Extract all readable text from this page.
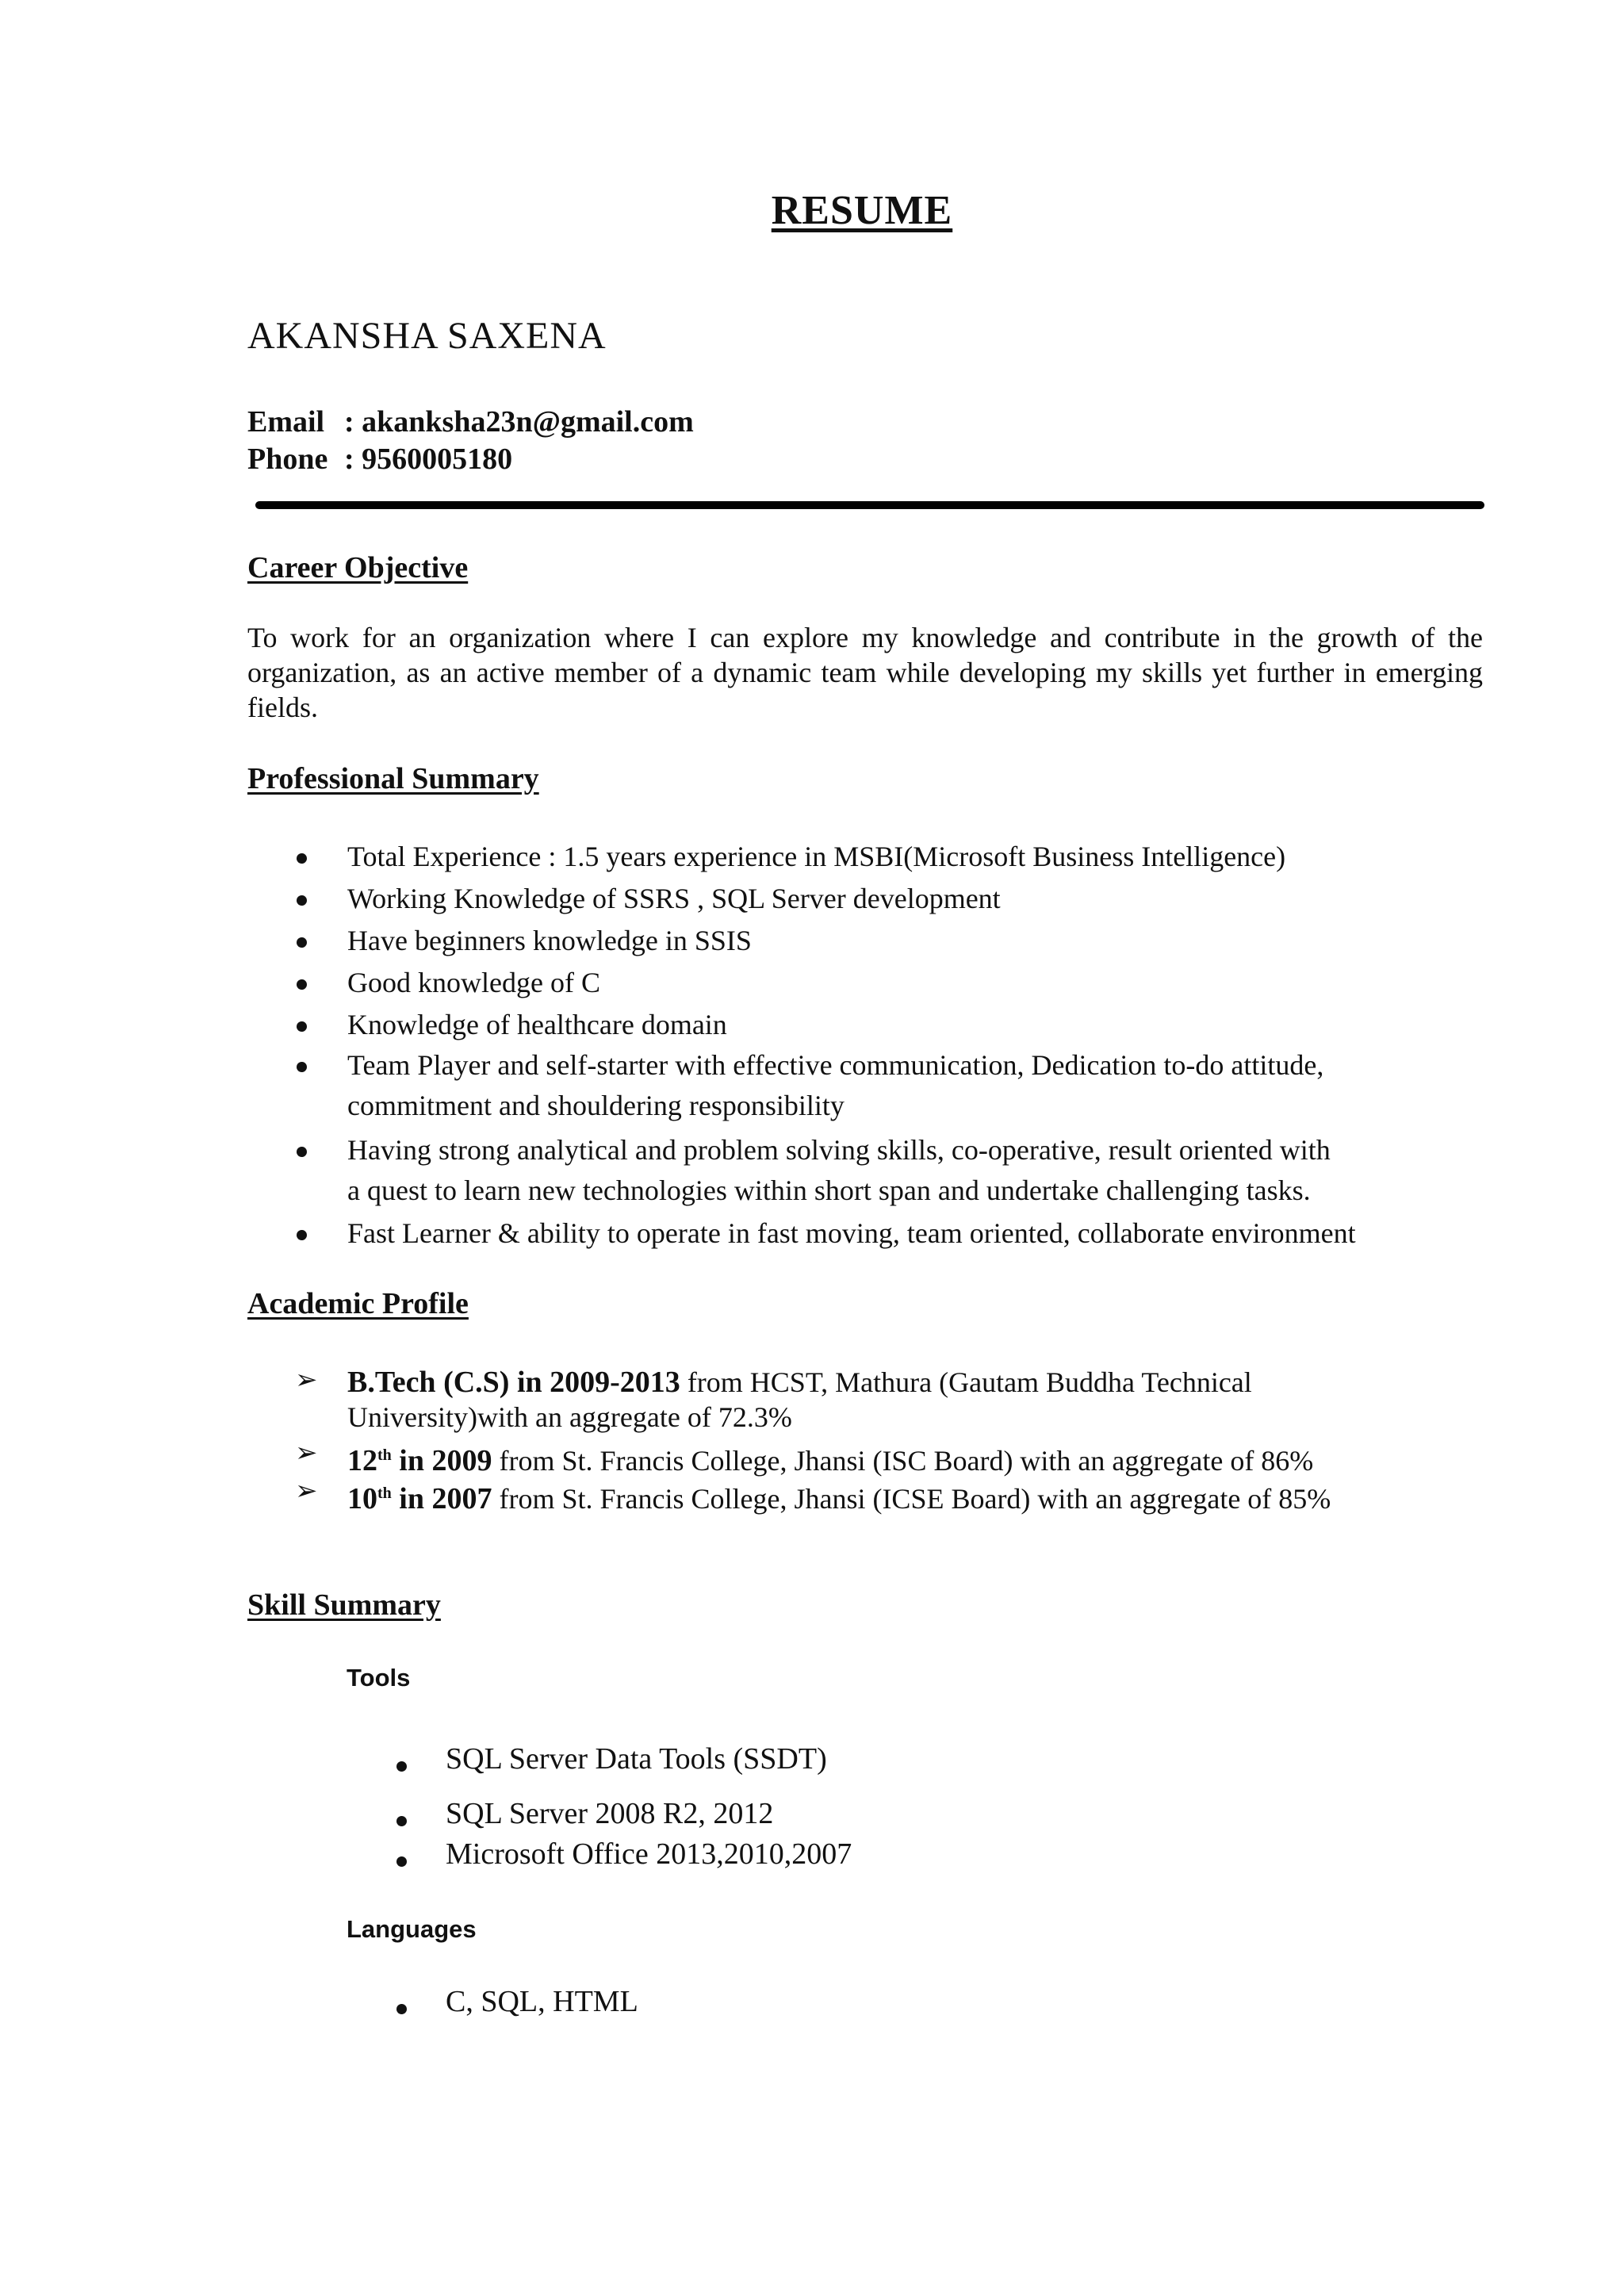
RESUME
AKANSHA SAXENA
Email : akanksha23n@gmail.com
Phone : 9560005180
Career Objective
To work for an organization where I can explore my knowledge and contribute in the growth of the organization, as an active member of a dynamic team while developing my skills yet further in emerging fields.
Professional Summary
Total Experience : 1.5 years experience in MSBI(Microsoft Business Intelligence)
Working Knowledge of SSRS , SQL Server development
Have beginners knowledge in SSIS
Good knowledge of C
Knowledge of healthcare domain
Team Player and self-starter with effective communication, Dedication to-do attitude,
commitment and shouldering responsibility
Having strong analytical and problem solving skills, co-operative, result oriented with
a quest to learn new technologies within short span and undertake challenging tasks.
Fast Learner & ability to operate in fast moving, team oriented, collaborate environment
Academic Profile
➢ B.Tech (C.S) in 2009-2013 from HCST, Mathura (Gautam Buddha Technical
University)with an aggregate of 72.3%
➢ 12th in 2009 from St. Francis College, Jhansi (ISC Board) with an aggregate of 86%
➢ 10th in 2007 from St. Francis College, Jhansi (ICSE Board) with an aggregate of 85%
Skill Summary
Tools
SQL Server Data Tools (SSDT)
SQL Server 2008 R2, 2012
Microsoft Office 2013,2010,2007
Languages
C, SQL, HTML
